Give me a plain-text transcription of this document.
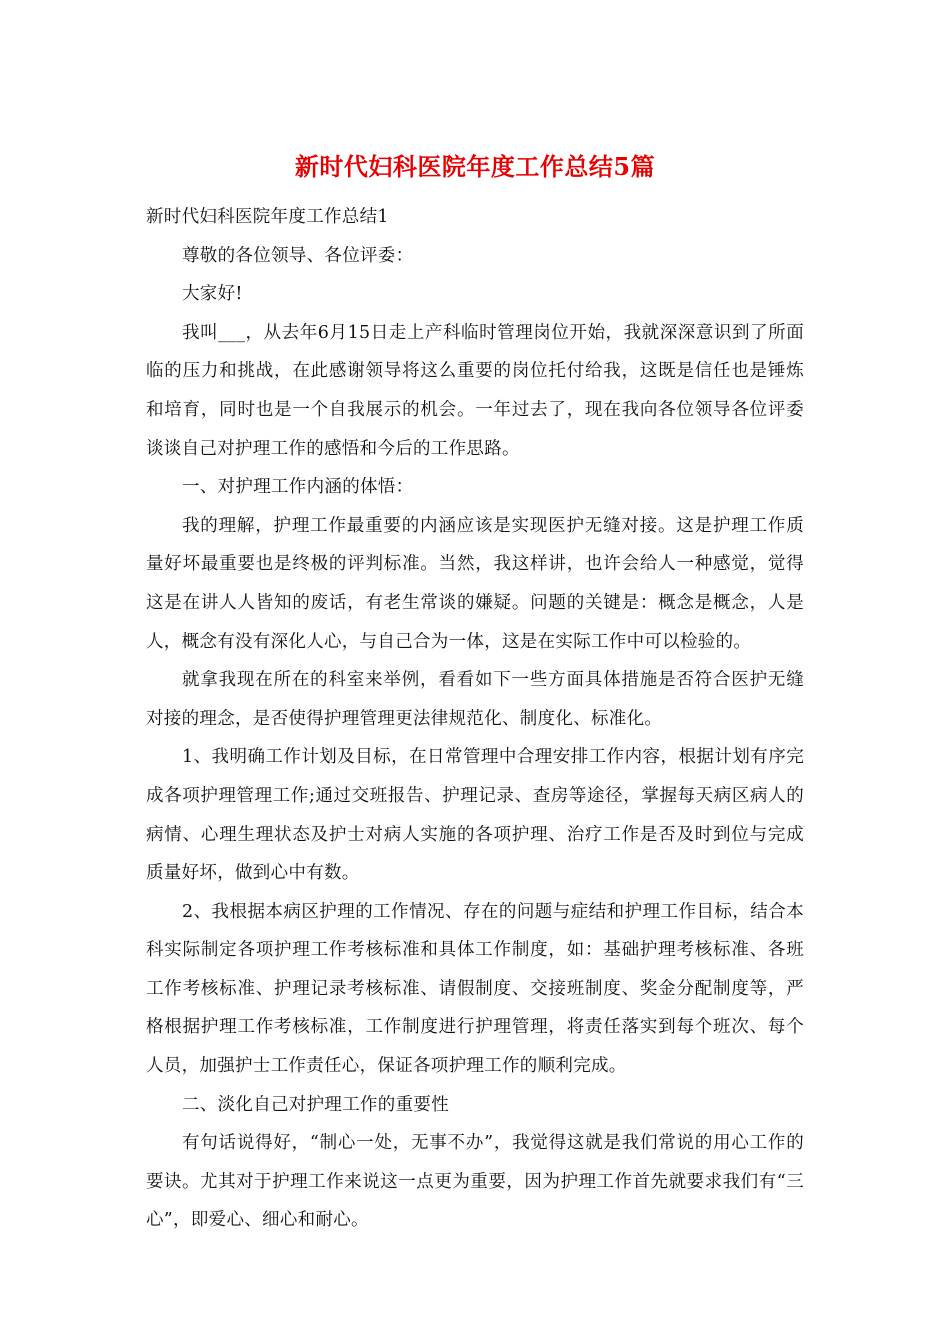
新时代妇科医院年度工作总结5篇

新时代妇科医院年度工作总结1

尊敬的各位领导、各位评委：

大家好!

我叫___，从去年6月15日走上产科临时管理岗位开始，我就深深意识到了所面临的压力和挑战，在此感谢领导将这么重要的岗位托付给我，这既是信任也是锤炼和培育，同时也是一个自我展示的机会。一年过去了，现在我向各位领导各位评委谈谈自己对护理工作的感悟和今后的工作思路。

一、对护理工作内涵的体悟：

我的理解，护理工作最重要的内涵应该是实现医护无缝对接。这是护理工作质量好坏最重要也是终极的评判标准。当然，我这样讲，也许会给人一种感觉，觉得这是在讲人人皆知的废话，有老生常谈的嫌疑。问题的关键是：概念是概念，人是人，概念有没有深化人心，与自己合为一体，这是在实际工作中可以检验的。

就拿我现在所在的科室来举例，看看如下一些方面具体措施是否符合医护无缝对接的理念，是否使得护理管理更法律规范化、制度化、标准化。

1、我明确工作计划及目标，在日常管理中合理安排工作内容，根据计划有序完成各项护理管理工作;通过交班报告、护理记录、查房等途径，掌握每天病区病人的病情、心理生理状态及护士对病人实施的各项护理、治疗工作是否及时到位与完成质量好坏，做到心中有数。

2、我根据本病区护理的工作情况、存在的问题与症结和护理工作目标，结合本科实际制定各项护理工作考核标准和具体工作制度，如：基础护理考核标准、各班工作考核标准、护理记录考核标准、请假制度、交接班制度、奖金分配制度等，严格根据护理工作考核标准，工作制度进行护理管理，将责任落实到每个班次、每个人员，加强护士工作责任心，保证各项护理工作的顺利完成。

二、淡化自己对护理工作的重要性

有句话说得好，“制心一处，无事不办”，我觉得这就是我们常说的用心工作的要诀。尤其对于护理工作来说这一点更为重要，因为护理工作首先就要求我们有“三心”，即爱心、细心和耐心。
